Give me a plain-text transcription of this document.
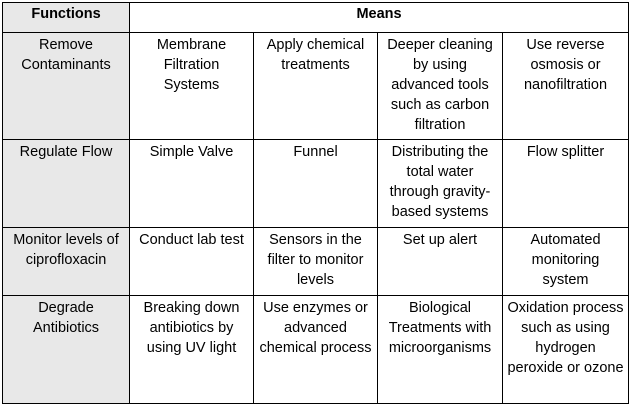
Functions	Means			
Remove Contaminants	Membrane Filtration Systems	Apply chemical treatments	Deeper cleaning by using advanced tools such as carbon filtration	Use reverse osmosis or nanofiltration
Regulate Flow	Simple Valve	Funnel	Distributing the total water through gravity-based systems	Flow splitter
Monitor levels of ciprofloxacin	Conduct lab test	Sensors in the filter to monitor levels	Set up alert	Automated monitoring system
Degrade Antibiotics	Breaking down antibiotics by using UV light	Use enzymes or advanced chemical process	Biological Treatments with microorganisms	Oxidation process such as using hydrogen peroxide or ozone
